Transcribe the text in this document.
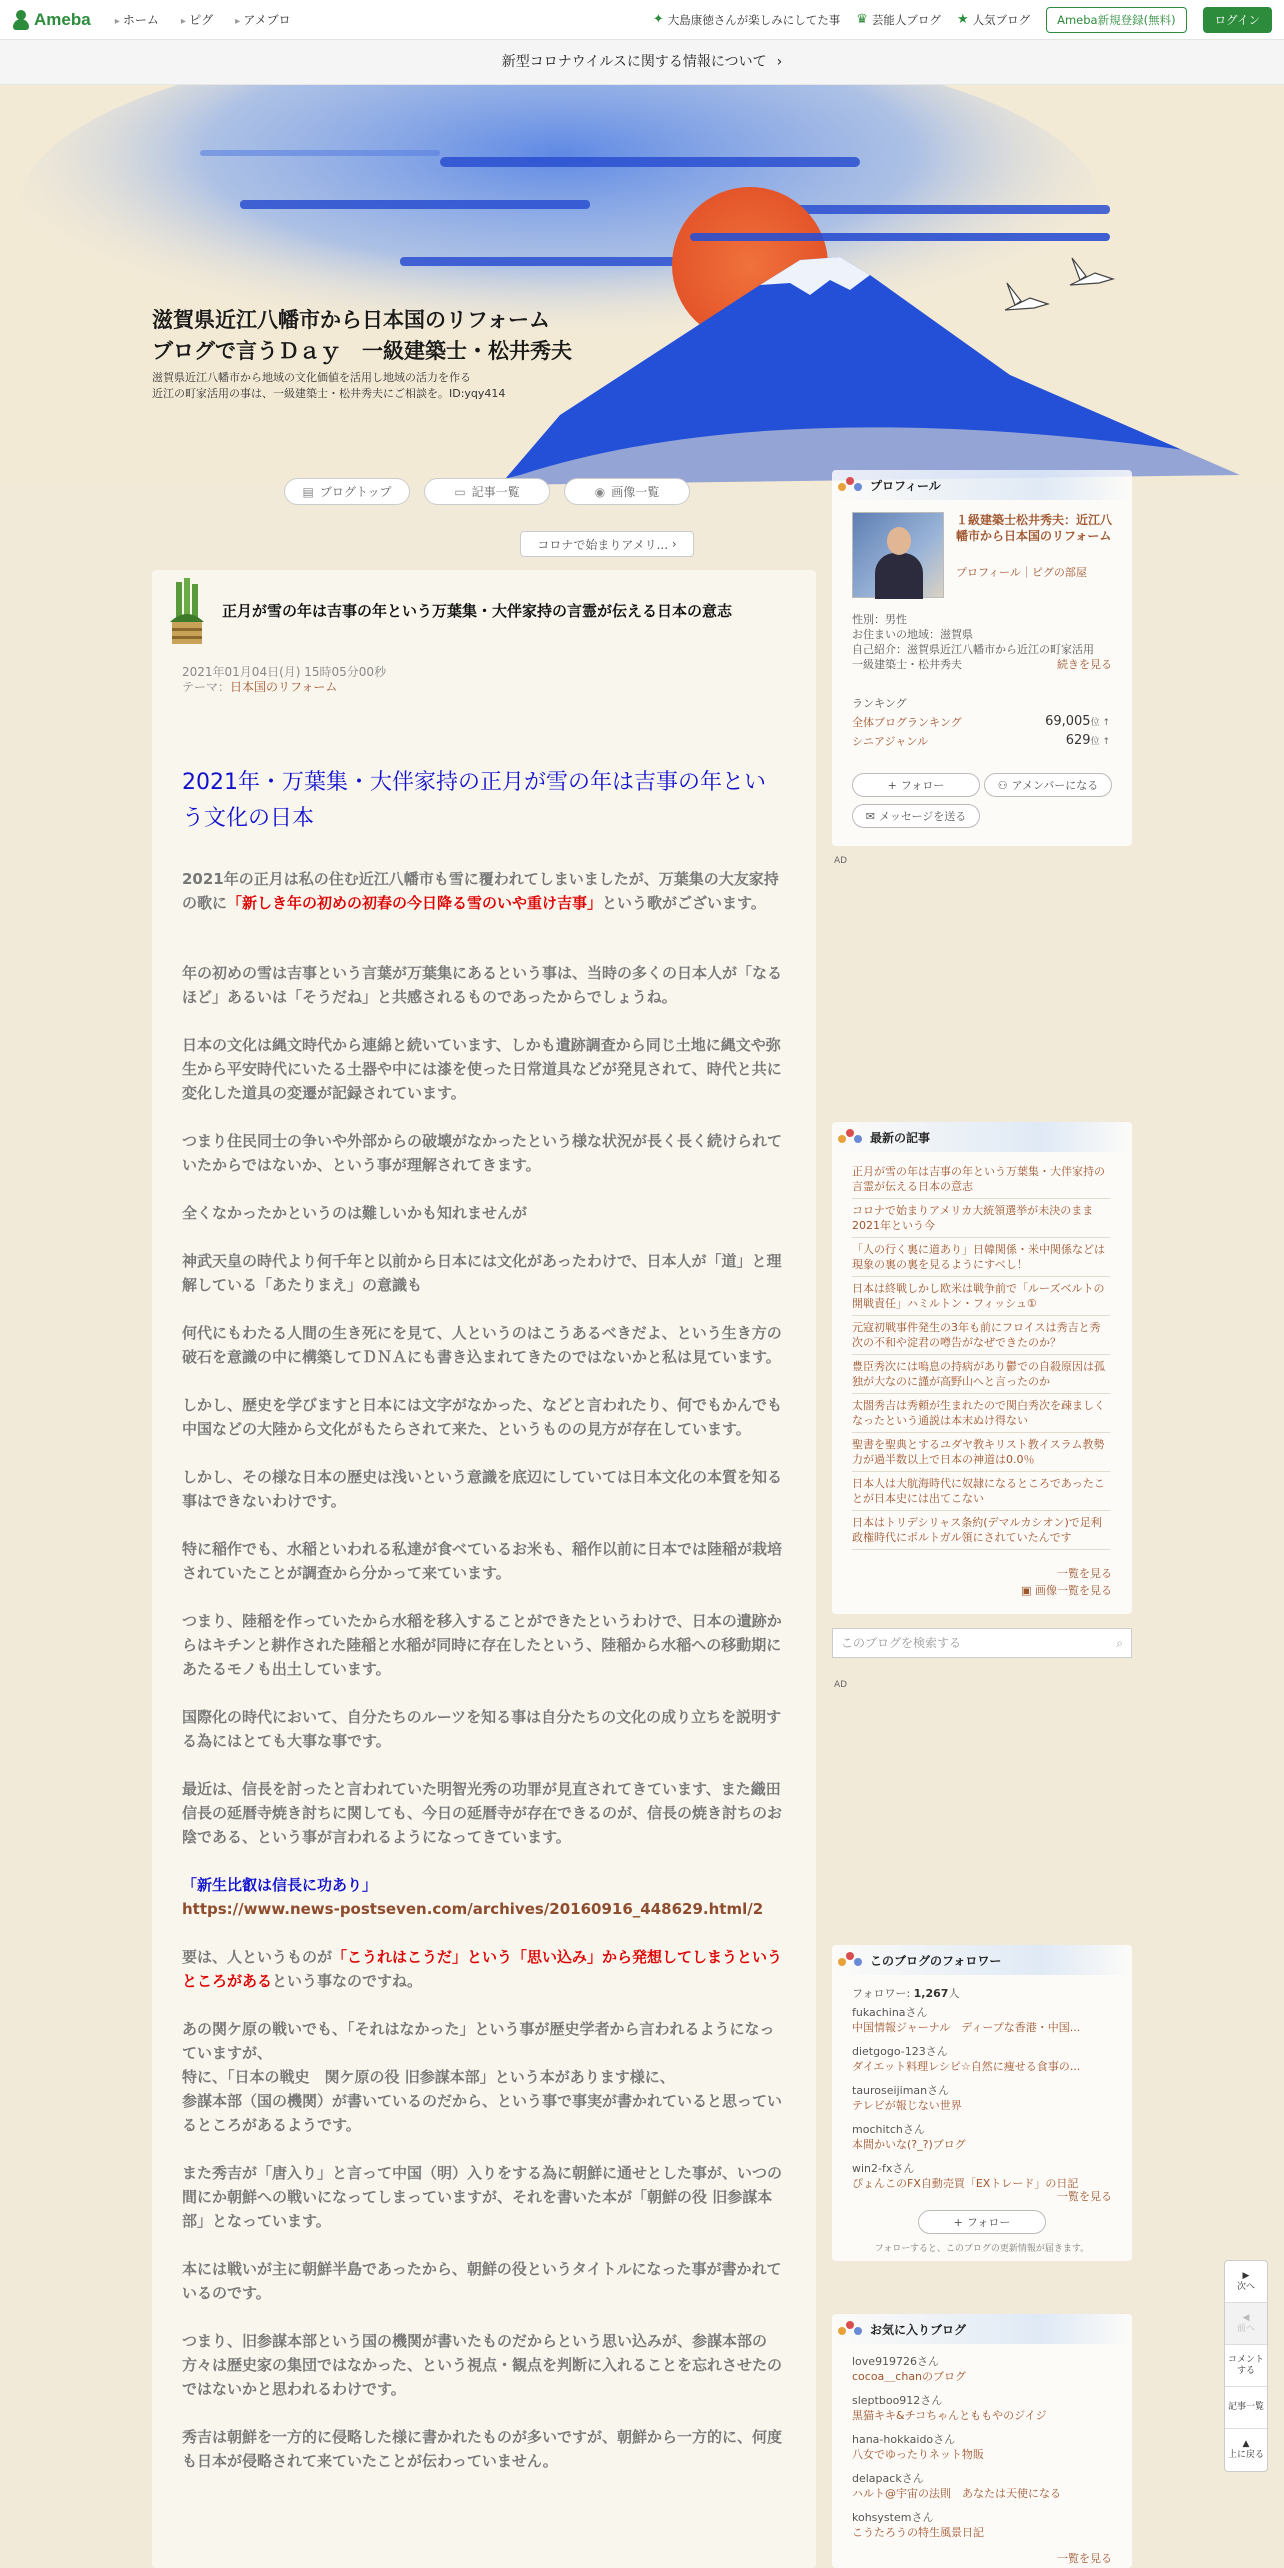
Ameba	▸ ホーム	▸ ピグ	▸ アメブロ	✦ 大島康徳さんが楽しみにしてた事 ♛ 芸能人ブログ ★ 人気ブログ	Ameba新規登録(無料)	ログイン
新型コロナウイルスに関する情報について ›
滋賀県近江八幡市から日本国のリフォーム
ブログで言うＤａｙ　一級建築士・松井秀夫
滋賀県近江八幡市から地域の文化価値を活用し地域の活力を作る
近江の町家活用の事は、一級建築士・松井秀夫にご相談を。ID:yqy414
▤ ブログトップ	▭ 記事一覧	◉ 画像一覧
コロナで始まりアメリ... ›
正月が雪の年は吉事の年という万葉集・大伴家持の言霊が伝える日本の意志
2021年01月04日(月) 15時05分00秒
テーマ：日本国のリフォーム
2021年・万葉集・大伴家持の正月が雪の年は吉事の年という文化の日本

2021年の正月は私の住む近江八幡市も雪に覆われてしまいましたが、万葉集の大友家持の歌に「新しき年の初めの初春の今日降る雪のいや重け吉事」という歌がございます。

年の初めの雪は吉事という言葉が万葉集にあるという事は、当時の多くの日本人が「なるほど」あるいは「そうだね」と共感されるものであったからでしょうね。

日本の文化は縄文時代から連綿と続いています、しかも遺跡調査から同じ土地に縄文や弥生から平安時代にいたる土器や中には漆を使った日常道具などが発見されて、時代と共に変化した道具の変遷が記録されています。

つまり住民同士の争いや外部からの破壊がなかったという様な状況が長く長く続けられていたからではないか、という事が理解されてきます。

全くなかったかというのは難しいかも知れませんが

神武天皇の時代より何千年と以前から日本には文化があったわけで、日本人が「道」と理解している「あたりまえ」の意識も

何代にもわたる人間の生き死にを見て、人というのはこうあるべきだよ、という生き方の破石を意識の中に構築してＤＮＡにも書き込まれてきたのではないかと私は見ています。

しかし、歴史を学びますと日本には文字がなかった、などと言われたり、何でもかんでも中国などの大陸から文化がもたらされて来た、というものの見方が存在しています。

しかし、その様な日本の歴史は浅いという意識を底辺にしていては日本文化の本質を知る事はできないわけです。

特に稲作でも、水稲といわれる私達が食べているお米も、稲作以前に日本では陸稲が栽培されていたことが調査から分かって来ています。

つまり、陸稲を作っていたから水稲を移入することができたというわけで、日本の遺跡からはキチンと耕作された陸稲と水稲が同時に存在したという、陸稲から水稲への移動期にあたるモノも出土しています。

国際化の時代において、自分たちのルーツを知る事は自分たちの文化の成り立ちを説明する為にはとても大事な事です。

最近は、信長を討ったと言われていた明智光秀の功罪が見直されてきています、また織田信長の延暦寺焼き討ちに関しても、今日の延暦寺が存在できるのが、信長の焼き討ちのお陰である、という事が言われるようになってきています。

「新生比叡は信長に功あり」
https://www.news-postseven.com/archives/20160916_448629.html/2

要は、人というものが「こうれはこうだ」という「思い込み」から発想してしまうというところがあるという事なのですね。

あの関ケ原の戦いでも、「それはなかった」という事が歴史学者から言われるようになっていますが、
特に、「日本の戦史　関ケ原の役 旧参謀本部」という本があります様に、
参謀本部（国の機関）が書いているのだから、という事で事実が書かれていると思っているところがあるようです。

また秀吉が「唐入り」と言って中国（明）入りをする為に朝鮮に通せとした事が、いつの間にか朝鮮への戦いになってしまっていますが、それを書いた本が「朝鮮の役 旧参謀本部」となっています。

本には戦いが主に朝鮮半島であったから、朝鮮の役というタイトルになった事が書かれているのです。

つまり、旧参謀本部という国の機関が書いたものだからという思い込みが、参謀本部の方々は歴史家の集団ではなかった、という視点・観点を判断に入れることを忘れさせたのではないかと思われるわけです。

秀吉は朝鮮を一方的に侵略した様に書かれたものが多いですが、朝鮮から一方的に、何度も日本が侵略されて来ていたことが伝わっていません。

プロフィール
１級建築士松井秀夫：近江八幡市から日本国のリフォーム
プロフィール｜ピグの部屋
性別：男性
お住まいの地域：滋賀県
自己紹介：滋賀県近江八幡市から近江の町家活用
一級建築士・松井秀夫	続きを見る
ランキング
全体ブログランキング	69,005位 ↑
シニアジャンル	629位 ↑
+ フォロー	⚇ アメンバーになる
✉ メッセージを送る
AD
最新の記事
正月が雪の年は吉事の年という万葉集・大伴家持の言霊が伝える日本の意志
コロナで始まりアメリカ大統領選挙が未決のまま2021年という今
「人の行く裏に道あり」日韓関係・米中関係などは現象の裏の裏を見るようにすべし！
日本は終戦しかし欧米は戦争前で「ルーズベルトの開戦責任」ハミルトン・フィッシュ①
元寇初戦事件発生の3年も前にフロイスは秀吉と秀次の不和や淀君の噂告がなぜできたのか？
豊臣秀次には嗚息の持病があり鬱での自殺原因は孤独が大なのに謹が高野山へと言ったのか
太閤秀吉は秀頼が生まれたので関白秀次を疎ましくなったという通説は本末ぬけ得ない
聖書を聖典とするユダヤ教キリスト教イスラム教勢力が過半数以上で日本の神道は0.0％
日本人は大航海時代に奴隷になるところであったことが日本史には出てこない
日本はトリデシリャス条約(デマルカシオン)で足利政権時代にポルトガル領にされていたんです
一覧を見る
▣ 画像一覧を見る
このブログを検索する	⌕
AD
このブログのフォロワー
フォロワー: 1,267人
fukachinaさん
中国情報ジャーナル　ディープな香港・中国...
dietgogo-123さん
ダイエット料理レシピ☆自然に痩せる食事の...
tauroseijimanさん
テレビが報じない世界
mochitchさん
本間かいな(?_?)ブログ
win2-fxさん
ぴょんこのFX自動売買「EXトレード」の日記
一覧を見る
+ フォロー
フォローすると、このブログの更新情報が届きます。
お気に入りブログ
love919726さん
cocoa＿chanのブログ
sleptboo912さん
黒猫キキ&チコちゃんとももやのジイジ
hana-hokkaidoさん
八女でゆったりネット物販
delapackさん
ハルト@宇宙の法則　あなたは天使になる
kohsystemさん
こうたろうの特生風景日記
一覧を見る
▶
次へ
◀
前へ
コメントする
記事一覧
▲
上に戻る
